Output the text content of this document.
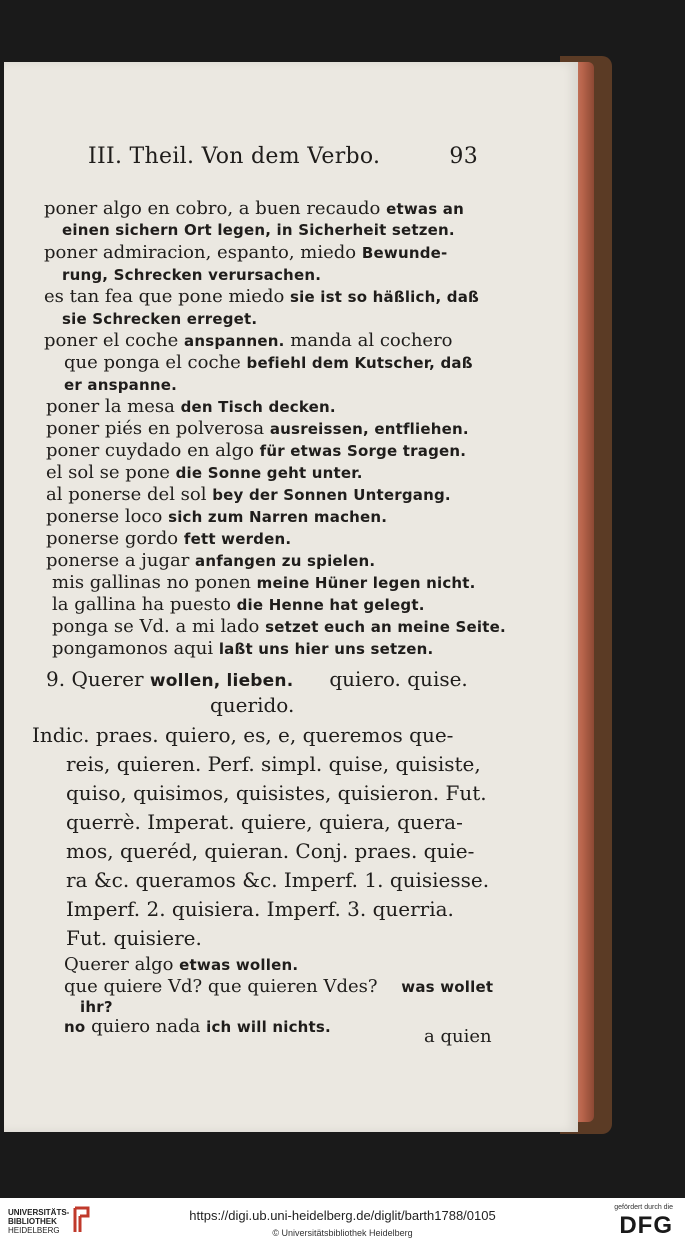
III. Theil. Von dem Verbo.	93
poner algo en cobro, a buen recaudo etwas an
einen sichern Ort legen, in Sicherheit setzen.
poner admiracion, espanto, miedo Bewunde-
rung, Schrecken verursachen.
es tan fea que pone miedo sie ist so häßlich, daß
sie Schrecken erreget.
poner el coche anspannen. manda al cochero
que ponga el coche befiehl dem Kutscher, daß
er anspanne.
poner la mesa den Tisch decken.
poner piés en polverosa ausreissen, entfliehen.
poner cuydado en algo für etwas Sorge tragen.
el sol se pone die Sonne geht unter.
al ponerse del sol bey der Sonnen Untergang.
ponerse loco sich zum Narren machen.
ponerse gordo fett werden.
ponerse a jugar anfangen zu spielen.
mis gallinas no ponen meine Hüner legen nicht.
la gallina ha puesto die Henne hat gelegt.
ponga se Vd. a mi lado setzet euch an meine Seite.
pongamonos aqui laßt uns hier uns setzen.
9. Querer wollen, lieben. quiero. quise.
querido.
Indic. praes. quiero, es, e, queremos que-
reis, quieren. Perf. simpl. quise, quisiste,
quiso, quisimos, quisistes, quisieron. Fut.
querrè. Imperat. quiere, quiera, quera-
mos, queréd, quieran. Conj. praes. quie-
ra &c. queramos &c. Imperf. 1. quisiesse.
Imperf. 2. quisiera. Imperf. 3. querria.
Fut. quisiere.
Querer algo etwas wollen.
que quiere Vd? que quieren Vdes? was wollet
ihr?
no quiero nada ich will nichts.	a quien
UNIVERSITÄTS-
BIBLIOTHEK
HEIDELBERG
https://digi.ub.uni-heidelberg.de/diglit/barth1788/0105
© Universitätsbibliothek Heidelberg
gefördert durch die
DFG
